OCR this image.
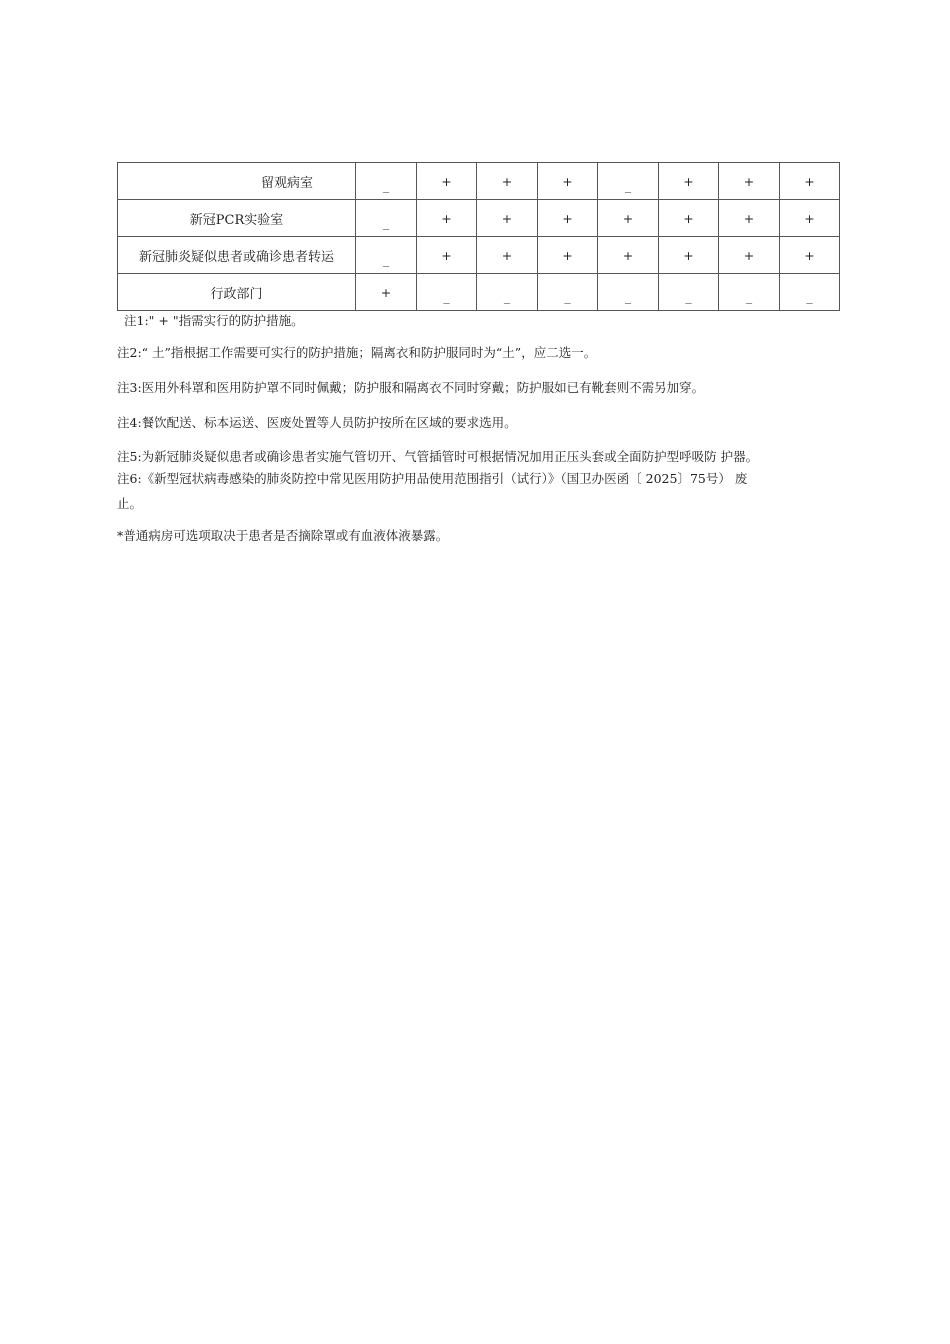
留观病室	_	+	+	+	_	+	+	+
新冠PCR实验室	_	+	+	+	+	+	+	+
新冠肺炎疑似患者或确诊患者转运	_	+	+	+	+	+	+	+
行政部门	+	_	_	_	_	_	_	_

注1:" + "指需实行的防护措施。

注2:“ 土”指根据工作需要可实行的防护措施；隔离衣和防护服同时为“土”，应二选一。

注3:医用外科罩和医用防护罩不同时佩戴；防护服和隔离衣不同时穿戴；防护服如已有靴套则不需另加穿。

注4:餐饮配送、标本运送、医废处置等人员防护按所在区域的要求选用。

注5:为新冠肺炎疑似患者或确诊患者实施气管切开、气管插管时可根据情况加用正压头套或全面防护型呼吸防 护器。

注6:《新型冠状病毒感染的肺炎防控中常见医用防护用品使用范围指引（试行）》（国卫办医函〔 2025〕75号） 废
止。

*普通病房可选项取决于患者是否摘除罩或有血液体液暴露。
